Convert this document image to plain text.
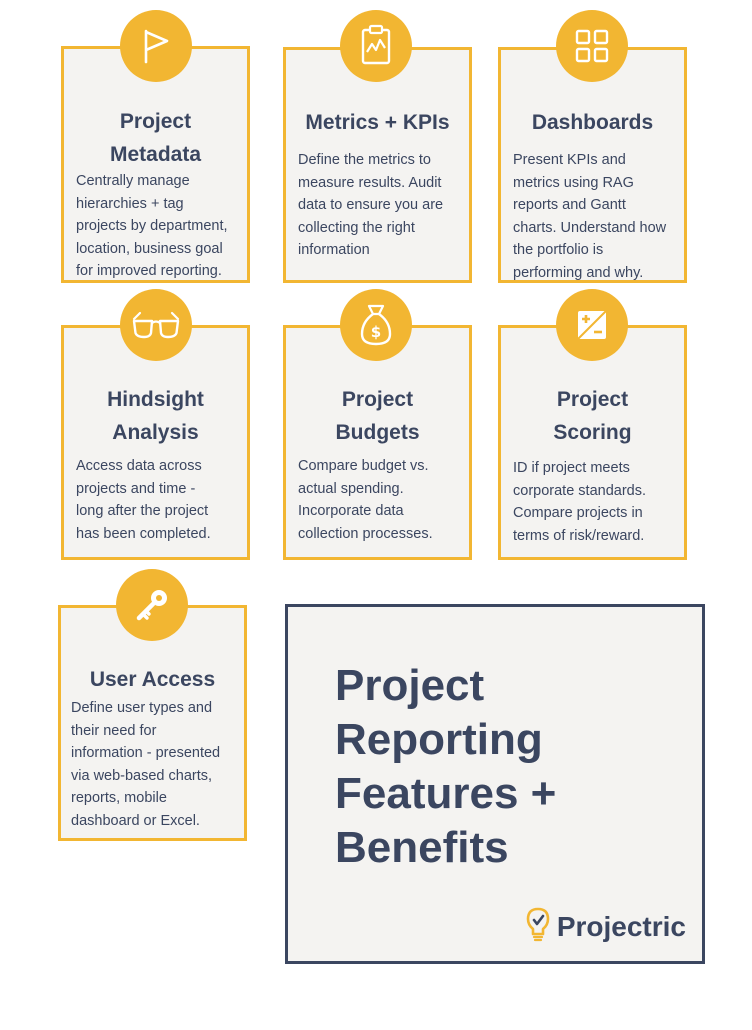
Project
Metadata
Centrally manage
hierarchies + tag
projects by department,
location, business goal
for improved reporting.
Metrics + KPIs
Define the metrics to
measure results. Audit
data to ensure you are
collecting the right
information
Dashboards
Present KPIs and
metrics using RAG
reports and Gantt
charts. Understand how
the portfolio is
performing and why.
Hindsight
Analysis
Access data across
projects and time -
long after the project
has been completed.
Project
Budgets
Compare budget vs.
actual spending.
Incorporate data
collection processes.
$
Project
Scoring
ID if project meets
corporate standards.
Compare projects in
terms of risk/reward.
User Access
Define user types and
their need for
information - presented
via web-based charts,
reports, mobile
dashboard or Excel.
Project
Reporting
Features +
Benefits
Projectric
